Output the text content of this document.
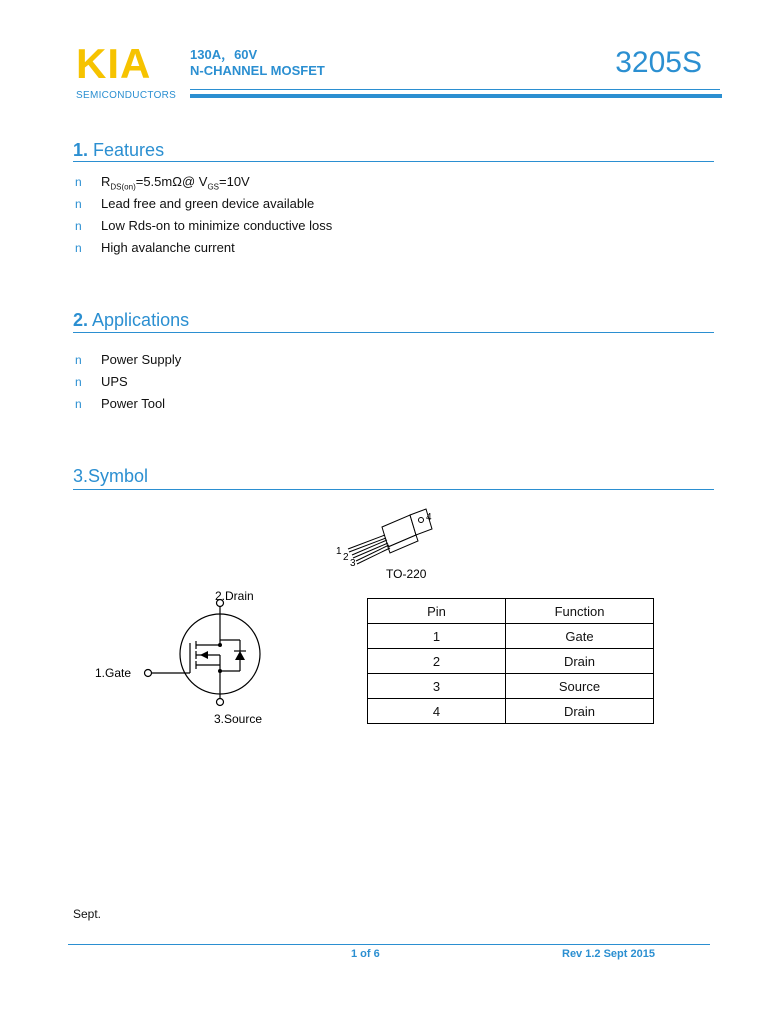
KIA
SEMICONDUCTORS
130A，60V
N-CHANNEL MOSFET	3205S
1. Features
n $R_{DS(on)}=5.5m\Omega@$ $V_{GS}=10V$
n Lead free and green device available
n Low Rds-on to minimize conductive loss
n High avalanche current
2. Applications
n Power Supply
n UPS
n Power Tool
3.Symbol
4
1
2
3
TO-220
2.Drain
1.Gate
3.Source
Pin	Function
1	Gate
2	Drain
3	Source
4	Drain
Sept.
1 of 6	Rev 1.2 Sept 2015
